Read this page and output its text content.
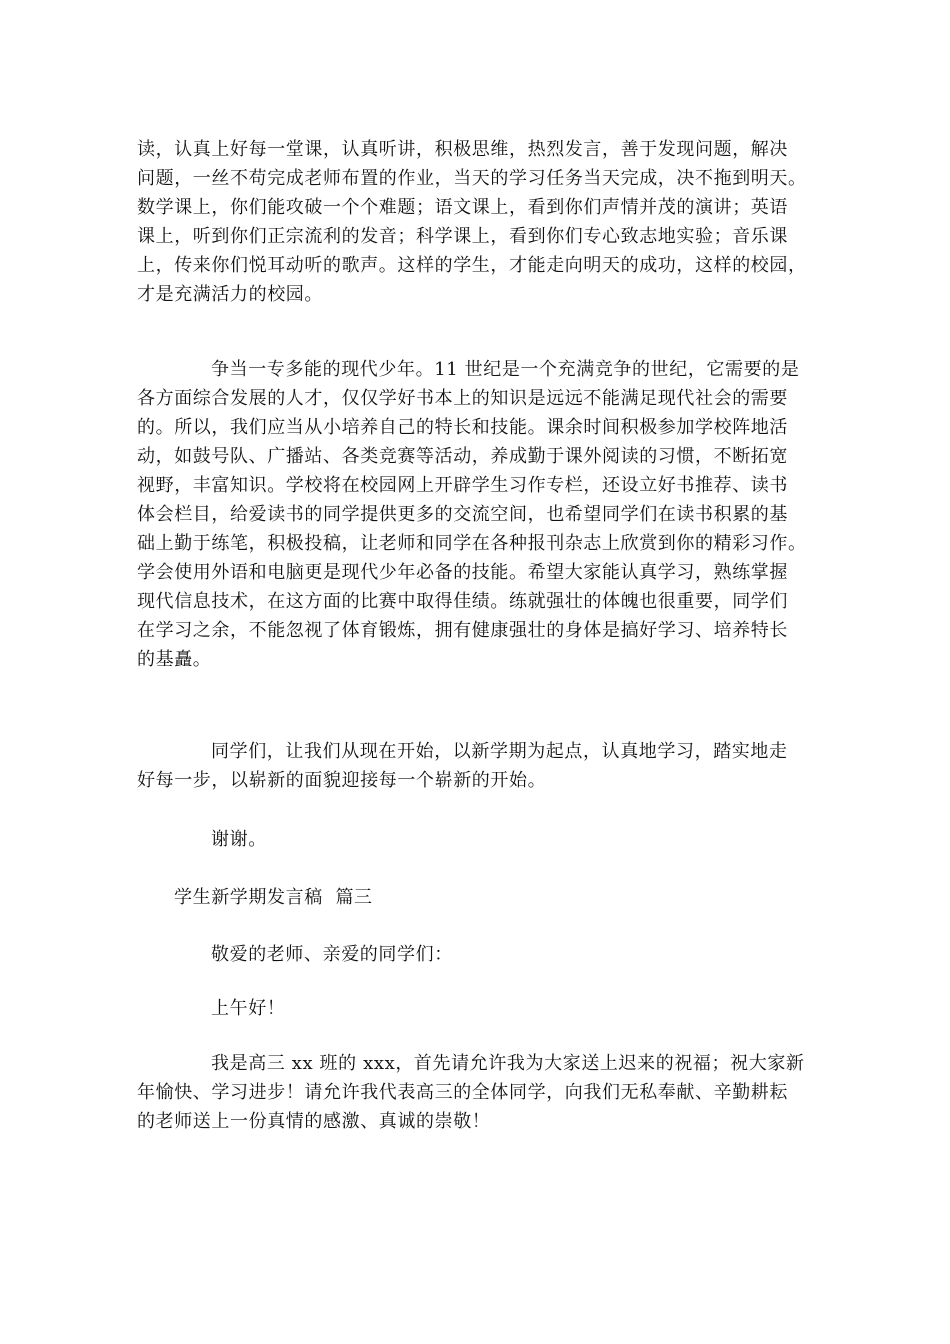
读，认真上好每一堂课，认真听讲，积极思维，热烈发言，善于发现问题，解决
问题，一丝不苟完成老师布置的作业，当天的学习任务当天完成，决不拖到明天。
数学课上，你们能攻破一个个难题；语文课上，看到你们声情并茂的演讲；英语
课上，听到你们正宗流利的发音；科学课上，看到你们专心致志地实验；音乐课
上，传来你们悦耳动听的歌声。这样的学生，才能走向明天的成功，这样的校园，
才是充满活力的校园。
争当一专多能的现代少年。11 世纪是一个充满竞争的世纪，它需要的是
各方面综合发展的人才，仅仅学好书本上的知识是远远不能满足现代社会的需要
的。所以，我们应当从小培养自己的特长和技能。课余时间积极参加学校阵地活
动，如鼓号队、广播站、各类竞赛等活动，养成勤于课外阅读的习惯，不断拓宽
视野，丰富知识。学校将在校园网上开辟学生习作专栏，还设立好书推荐、读书
体会栏目，给爱读书的同学提供更多的交流空间，也希望同学们在读书积累的基
础上勤于练笔，积极投稿，让老师和同学在各种报刊杂志上欣赏到你的精彩习作。
学会使用外语和电脑更是现代少年必备的技能。希望大家能认真学习，熟练掌握
现代信息技术，在这方面的比赛中取得佳绩。练就强壮的体魄也很重要，同学们
在学习之余，不能忽视了体育锻炼，拥有健康强壮的身体是搞好学习、培养特长
的基矗。
同学们，让我们从现在开始，以新学期为起点，认真地学习，踏实地走
好每一步，以崭新的面貌迎接每一个崭新的开始。
谢谢。
学生新学期发言稿  篇三
敬爱的老师、亲爱的同学们：
上午好！
我是高三 xx 班的 xxx，首先请允许我为大家送上迟来的祝福；祝大家新
年愉快、学习进步！请允许我代表高三的全体同学，向我们无私奉献、辛勤耕耘
的老师送上一份真情的感激、真诚的崇敬！
